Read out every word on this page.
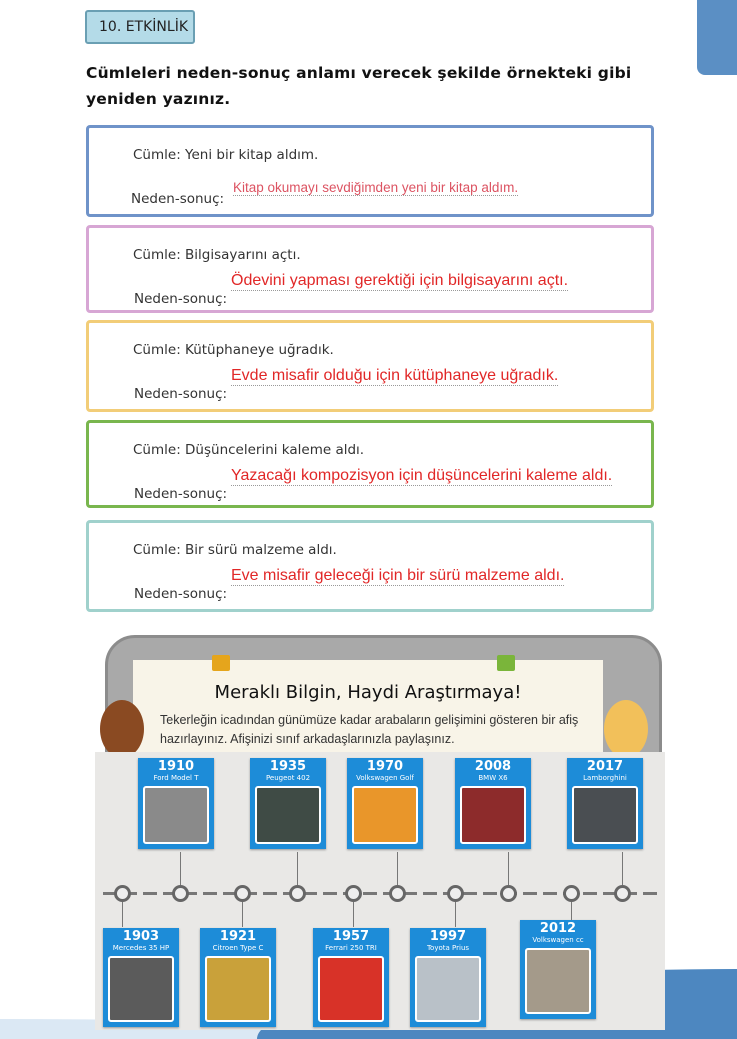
10. ETKİNLİK
Cümleleri neden-sonuç anlamı verecek şekilde örnekteki gibi yeniden yazınız.
Cümle: Yeni bir kitap aldım.
Neden-sonuç:
Kitap okumayı sevdiğimden yeni bir kitap aldım.
Cümle: Bilgisayarını açtı.
Neden-sonuç:
Ödevini yapması gerektiği için bilgisayarını açtı.
Cümle: Kütüphaneye uğradık.
Neden-sonuç:
Evde misafir olduğu için kütüphaneye uğradık.
Cümle: Düşüncelerini kaleme aldı.
Neden-sonuç:
Yazacağı kompozisyon için düşüncelerini kaleme aldı.
Cümle: Bir sürü malzeme aldı.
Neden-sonuç:
Eve misafir geleceği için bir sürü malzeme aldı.
Meraklı Bilgin, Haydi Araştırmaya!
Tekerleğin icadından günümüze kadar arabaların gelişimini gösteren bir afiş hazırlayınız. Afişinizi sınıf arkadaşlarınızla paylaşınız.
1910
Ford Model T
1935
Peugeot 402
1970
Volkswagen Golf
2008
BMW X6
2017
Lamborghini
1903
Mercedes 35 HP
1921
Citroen Type C
1957
Ferrari 250 TRI
1997
Toyota Prius
2012
Volkswagen cc
